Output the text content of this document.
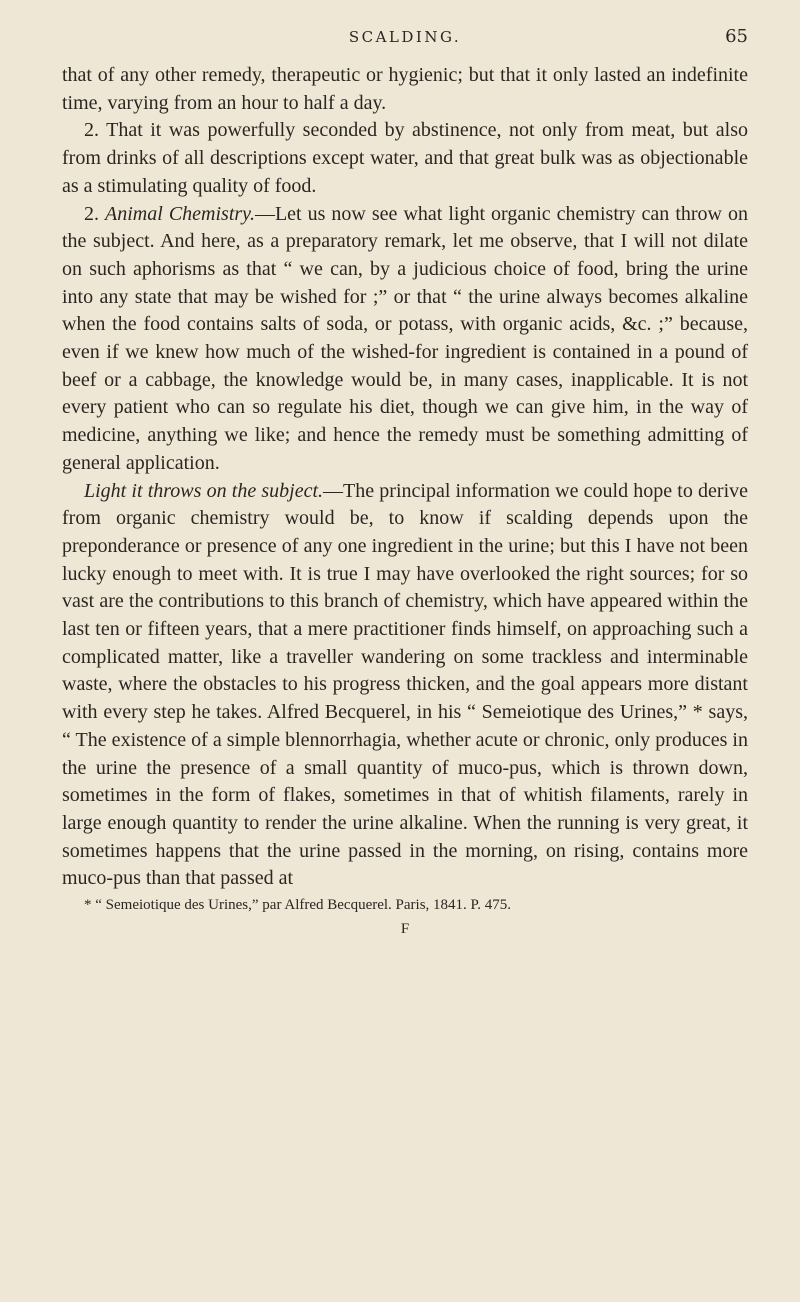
SCALDING.	65

that of any other remedy, therapeutic or hygienic; but that it only lasted an indefinite time, varying from an hour to half a day.

2. That it was powerfully seconded by abstinence, not only from meat, but also from drinks of all descriptions except water, and that great bulk was as objectionable as a stimulating quality of food.

2. Animal Chemistry.—Let us now see what light organic chemistry can throw on the subject. And here, as a preparatory remark, let me observe, that I will not dilate on such aphorisms as that “ we can, by a judicious choice of food, bring the urine into any state that may be wished for ;” or that “ the urine always becomes alkaline when the food contains salts of soda, or potass, with organic acids, &c. ;” because, even if we knew how much of the wished-for ingredient is contained in a pound of beef or a cabbage, the knowledge would be, in many cases, inapplicable. It is not every patient who can so regulate his diet, though we can give him, in the way of medicine, anything we like; and hence the remedy must be something admitting of general application.

Light it throws on the subject.—The principal information we could hope to derive from organic chemistry would be, to know if scalding depends upon the preponderance or presence of any one ingredient in the urine; but this I have not been lucky enough to meet with. It is true I may have overlooked the right sources; for so vast are the contributions to this branch of chemistry, which have appeared within the last ten or fifteen years, that a mere practitioner finds himself, on approaching such a complicated matter, like a traveller wandering on some trackless and interminable waste, where the obstacles to his progress thicken, and the goal appears more distant with every step he takes. Alfred Becquerel, in his “ Semeiotique des Urines,” * says, “ The existence of a simple blennorrhagia, whether acute or chronic, only produces in the urine the presence of a small quantity of muco-pus, which is thrown down, sometimes in the form of flakes, sometimes in that of whitish filaments, rarely in large enough quantity to render the urine alkaline. When the running is very great, it sometimes happens that the urine passed in the morning, on rising, contains more muco-pus than that passed at

* “ Semeiotique des Urines,” par Alfred Becquerel. Paris, 1841. P. 475.
F
